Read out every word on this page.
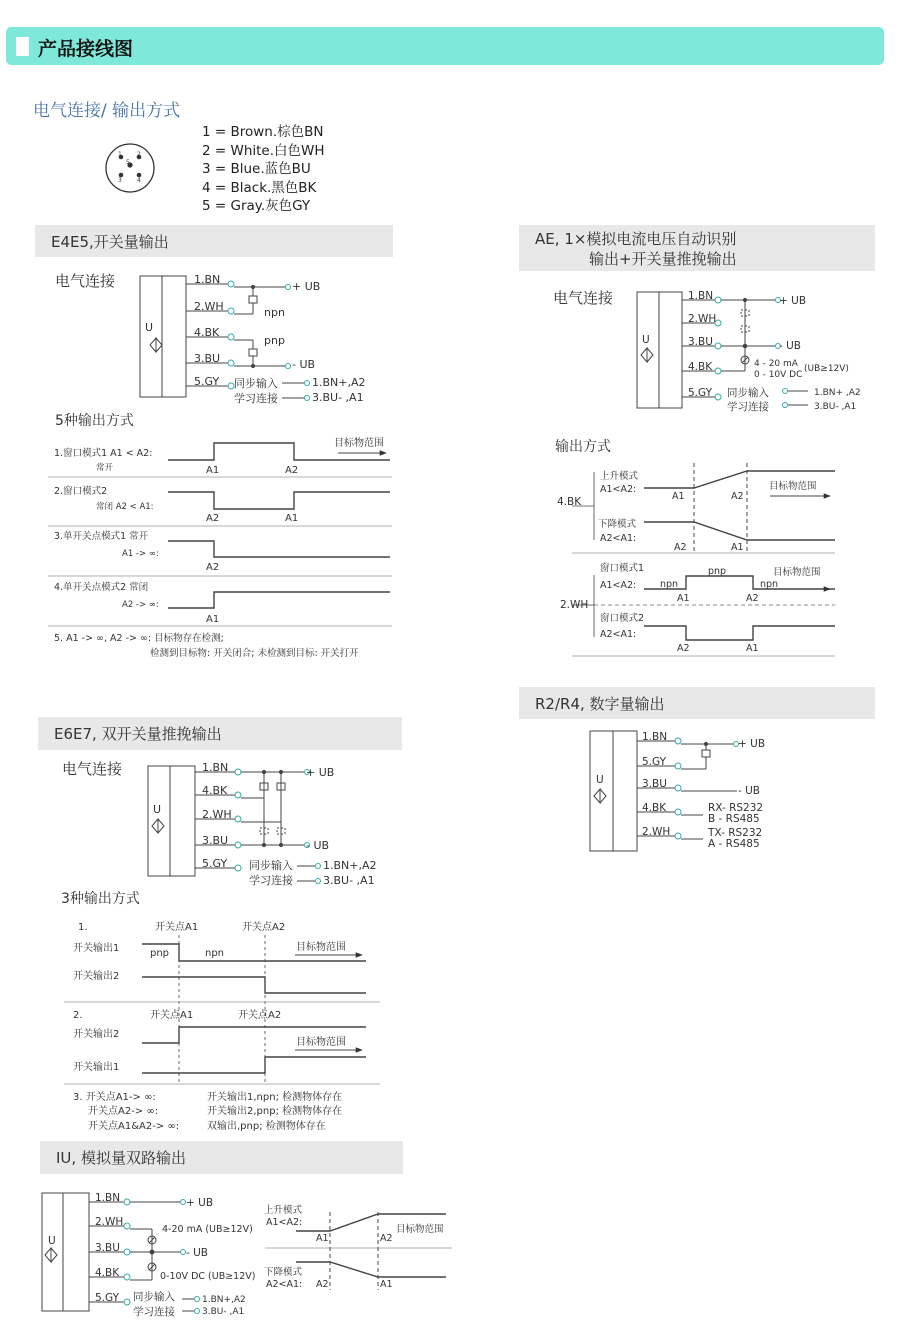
产品接线图
电气连接/ 输出方式
1 = Brown.棕色BN
2 = White.白色WH
3 = Blue.蓝色BU
4 = Black.黑色BK
5 = Gray.灰色GY
E4E5,开关量输出	AE, 1×模拟电流电压自动识别
输出+开关量推挽输出
R2/R4, 数字量输出
E6E7, 双开关量推挽输出
IU, 模拟量双路输出
1	2
5
3	4
电气连接
U
1.BN
2.WH
4.BK
3.BU
5.GY
+ UB
- UB
npn
pnp
同步输入
学习连接
1.BN+,A2
3.BU- ,A1
5种输出方式
目标物范围
1.窗口模式1 A1 < A2:
常开
2.窗口模式2
常闭 A2 < A1:
3.单开关点模式1 常开
A1 -> ∞:
4.单开关点模式2 常闭
A2 -> ∞:
A1	A2
A2	A1
A2
A1
5. A1 -> ∞, A2 -> ∞: 目标物存在检测;
检测到目标物: 开关闭合; 未检测到目标: 开关打开
电气连接
U
1.BN
2.WH
3.BU
4.BK
5.GY
+ UB
- UB
4 - 20 mA
0 - 10V DC
(UB≥12V)
同步输入
学习连接
1.BN+ ,A2
3.BU- ,A1
输出方式
4.BK
2.WH
上升模式
A1<A2:
下降模式
A2<A1:
窗口模式1
A1<A2:
窗口模式2
A2<A1:
目标物范围
目标物范围
pnp
npn	npn
A1	A2
A2	A1
A1	A2
A2	A1
U
1.BN
5.GY
3.BU
4.BK
2.WH
+ UB
- UB
RX- RS232
B - RS485
TX- RS232
A - RS485
电气连接
U
1.BN
4.BK
2.WH
3.BU
5.GY
+ UB
- UB
同步输入
学习连接
1.BN+,A2
3.BU- ,A1
3种输出方式
1.	开关点A1	开关点A2
开关输出1
开关输出2
pnp	npn
目标物范围
2.	开关点A1	开关点A2
开关输出2
开关输出1
目标物范围
3. 开关点A1-> ∞:
开关点A2-> ∞:
开关点A1&A2-> ∞:
开关输出1,npn; 检测物体存在
开关输出2,pnp; 检测物体存在
双输出,pnp; 检测物体存在
U
1.BN
2.WH
3.BU
4.BK
5.GY
+ UB
- UB
4-20 mA (UB≥12V)
0-10V DC (UB≥12V)
同步输入
学习连接
1.BN+,A2
3.BU- ,A1
上升模式
A1<A2:
下降模式
A2<A1:
目标物范围
A1	A2
A2	A1
